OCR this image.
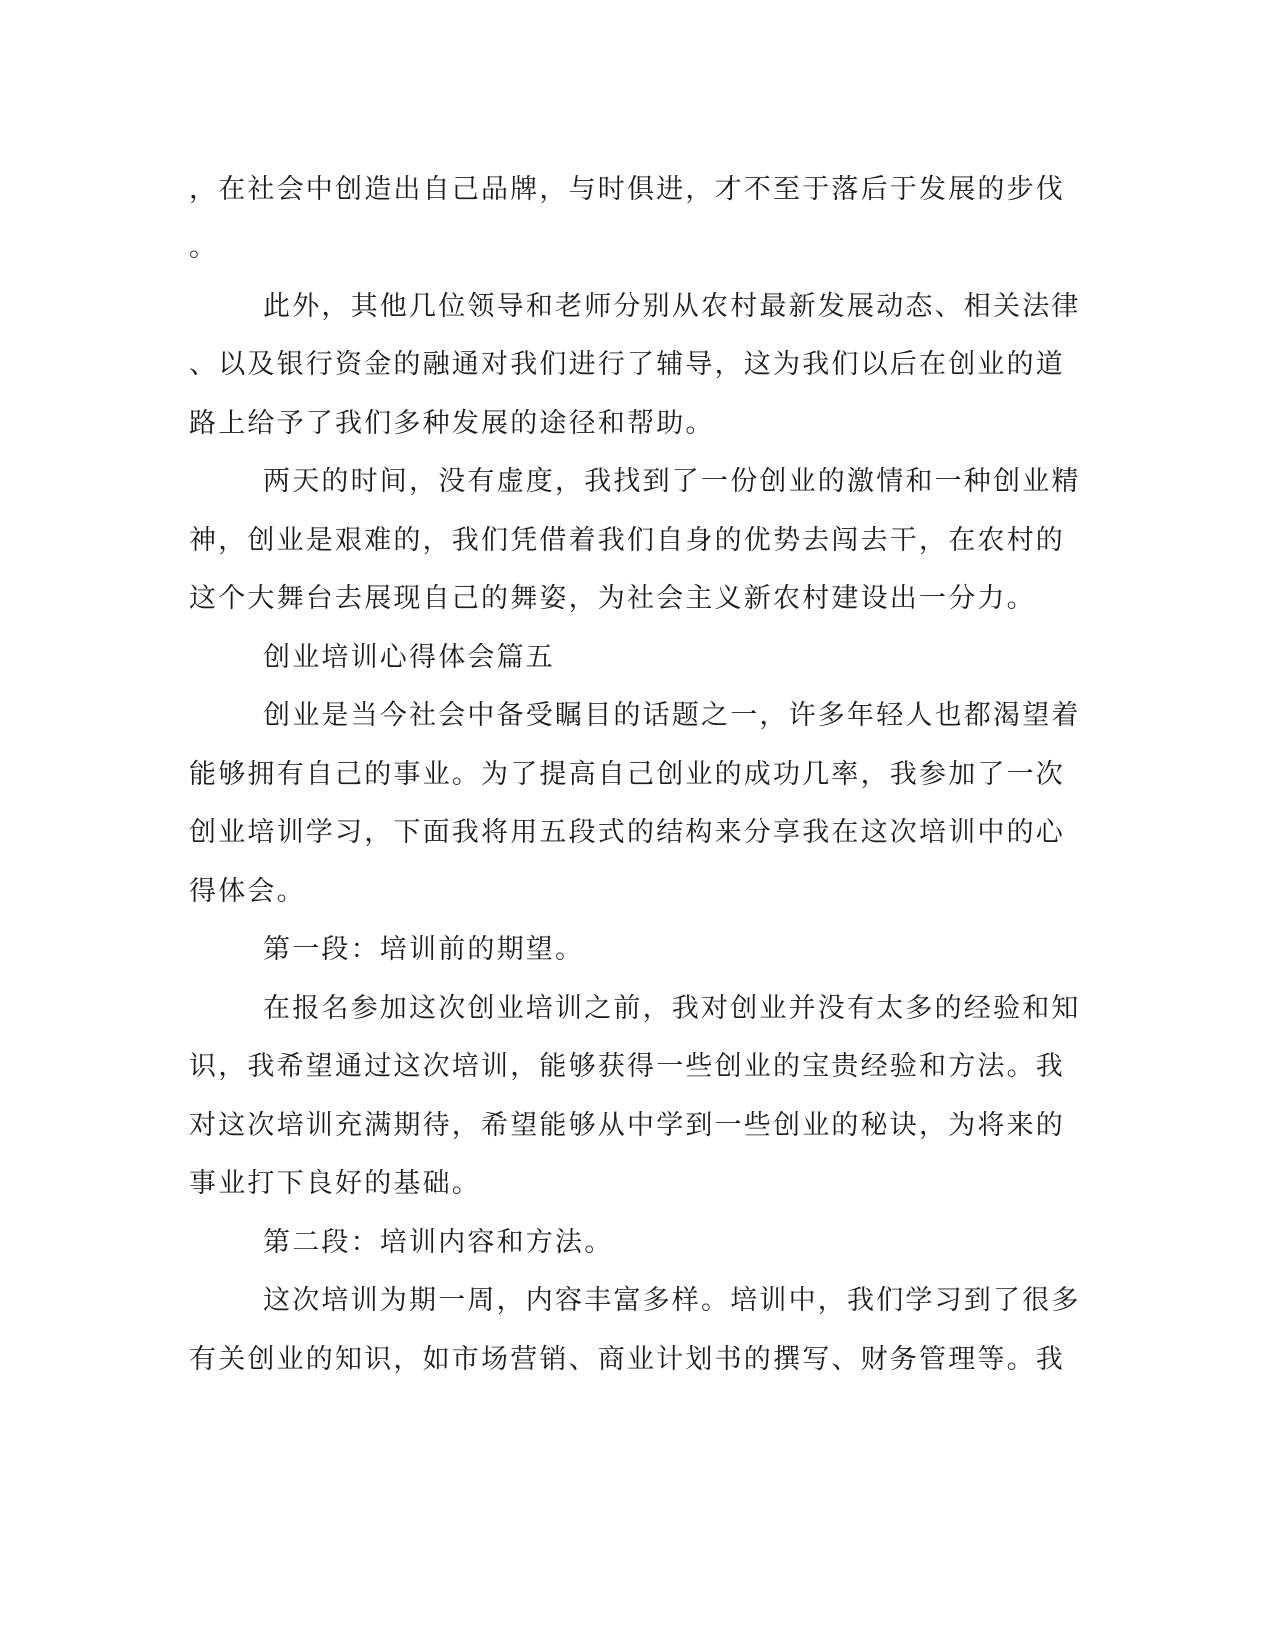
，在社会中创造出自己品牌，与时俱进，才不至于落后于发展的步伐
。
此外，其他几位领导和老师分别从农村最新发展动态、相关法律
、以及银行资金的融通对我们进行了辅导，这为我们以后在创业的道
路上给予了我们多种发展的途径和帮助。
两天的时间，没有虚度，我找到了一份创业的激情和一种创业精
神，创业是艰难的，我们凭借着我们自身的优势去闯去干，在农村的
这个大舞台去展现自己的舞姿，为社会主义新农村建设出一分力。
创业培训心得体会篇五
创业是当今社会中备受瞩目的话题之一，许多年轻人也都渴望着
能够拥有自己的事业。为了提高自己创业的成功几率，我参加了一次
创业培训学习，下面我将用五段式的结构来分享我在这次培训中的心
得体会。
第一段：培训前的期望。
在报名参加这次创业培训之前，我对创业并没有太多的经验和知
识，我希望通过这次培训，能够获得一些创业的宝贵经验和方法。我
对这次培训充满期待，希望能够从中学到一些创业的秘诀，为将来的
事业打下良好的基础。
第二段：培训内容和方法。
这次培训为期一周，内容丰富多样。培训中，我们学习到了很多
有关创业的知识，如市场营销、商业计划书的撰写、财务管理等。我
